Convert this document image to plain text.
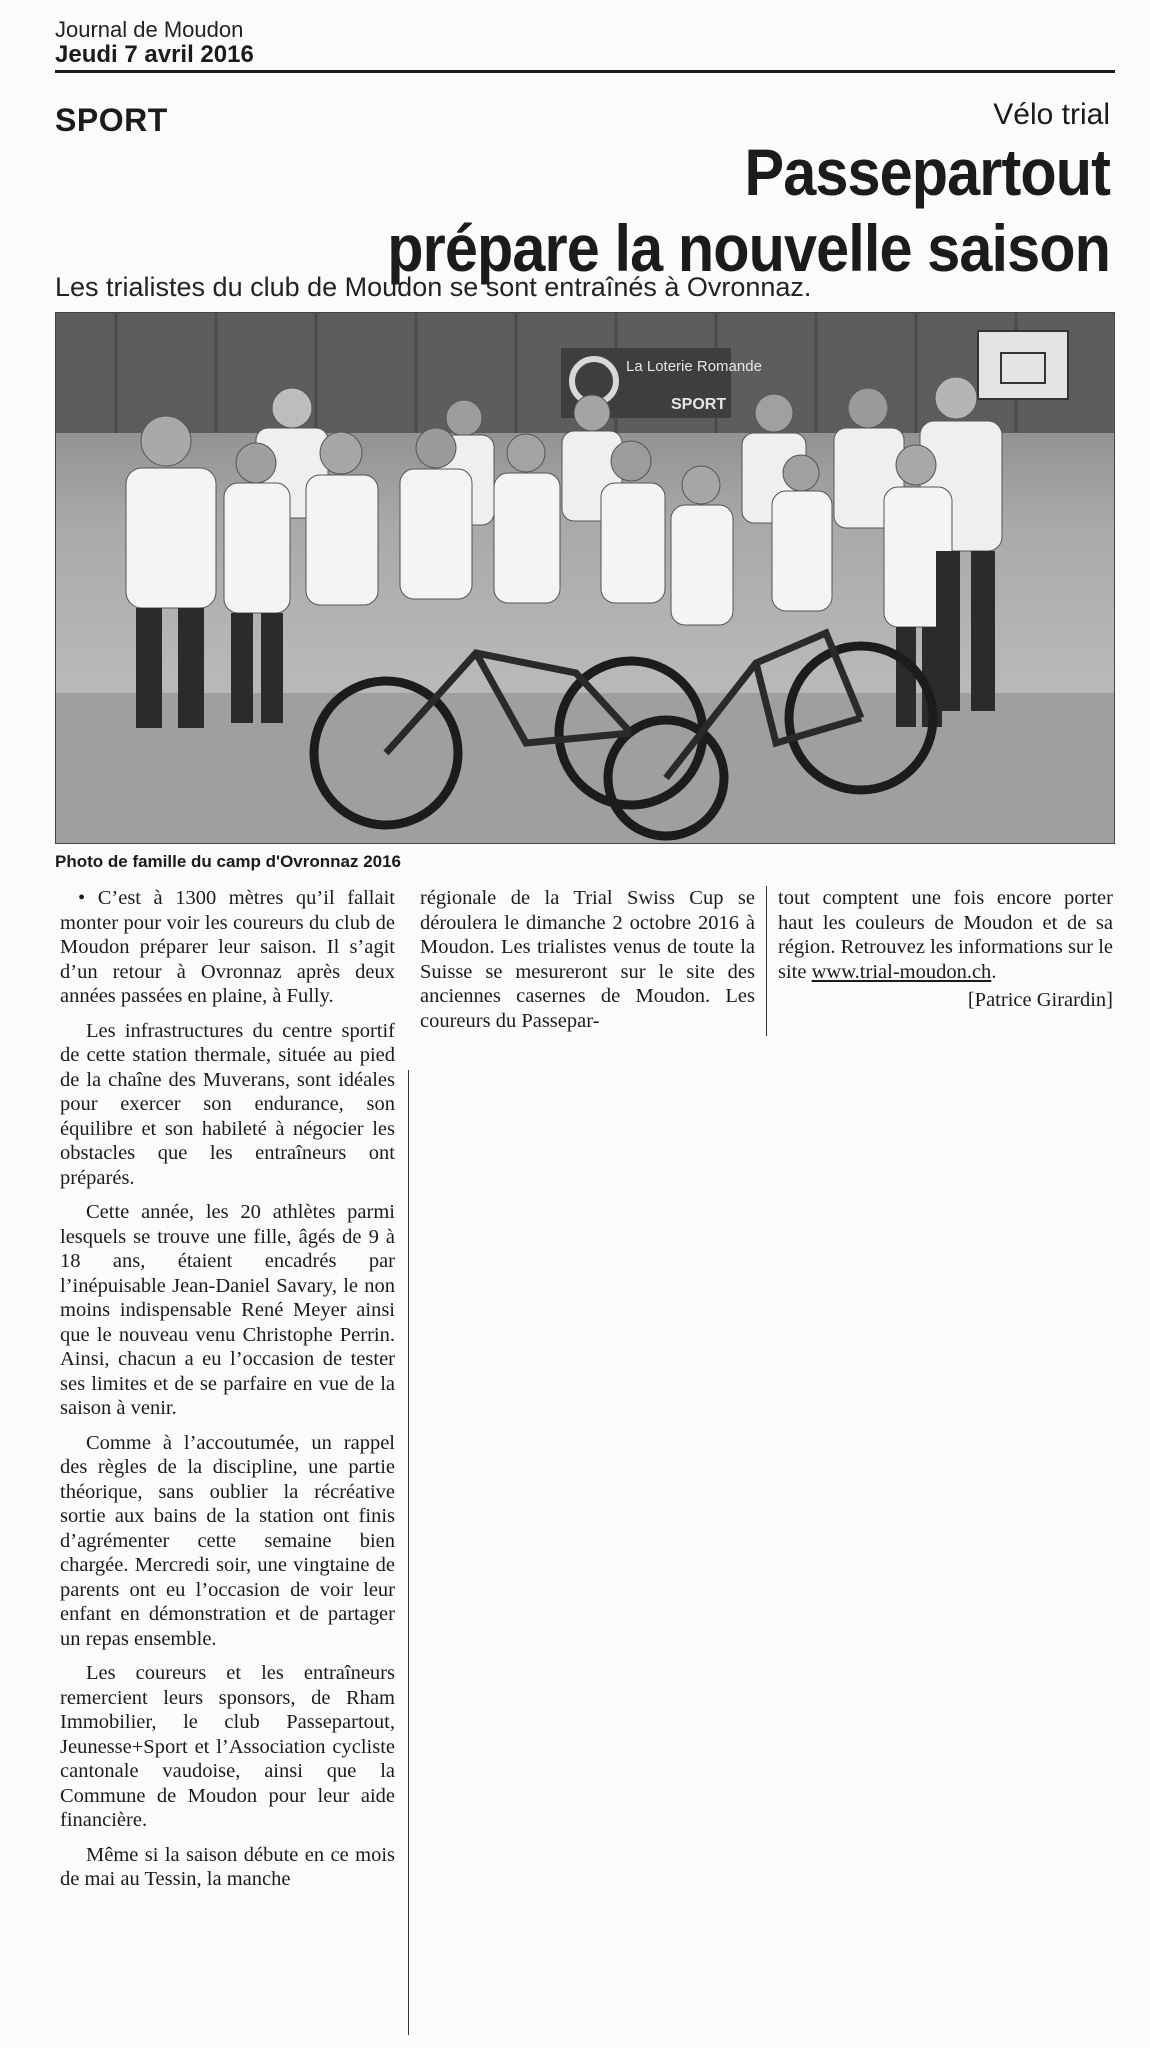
Journal de Moudon
Jeudi 7 avril 2016
SPORT	Vélo trial
Passepartout
prépare la nouvelle saison
Les trialistes du club de Moudon se sont entraînés à Ovronnaz.
La Loterie Romande
SPORT
Photo de famille du camp d'Ovronnaz 2016

• C’est à 1300 mètres qu’il fallait monter pour voir les coureurs du club de Moudon préparer leur saison. Il s’agit d’un retour à Ovronnaz après deux années passées en plaine, à Fully.

Les infrastructures du centre sportif de cette station thermale, située au pied de la chaîne des Muverans, sont idéales pour exercer son endurance, son équilibre et son habileté à négocier les obstacles que les entraîneurs ont préparés.

Cette année, les 20 athlètes parmi lesquels se trouve une fille, âgés de 9 à 18 ans, étaient encadrés par l’inépuisable Jean-Daniel Savary, le non moins indispensable René Meyer ainsi que le nouveau venu Christophe Perrin. Ainsi, chacun a eu l’occasion de tester ses limites et de se parfaire en vue de la saison à venir.

Comme à l’accoutumée, un rappel des règles de la discipline, une partie théorique, sans oublier la récréative sortie aux bains de la station ont finis d’agrémenter cette semaine bien chargée. Mercredi soir, une vingtaine de parents ont eu l’occasion de voir leur enfant en démonstration et de partager un repas ensemble.

Les coureurs et les entraîneurs remercient leurs sponsors, de Rham Immobilier, le club Passepartout, Jeunesse+Sport et l’Association cycliste cantonale vaudoise, ainsi que la Commune de Moudon pour leur aide financière.

Même si la saison débute en ce mois de mai au Tessin, la manche

régionale de la Trial Swiss Cup se déroulera le dimanche 2 octobre 2016 à Moudon. Les trialistes venus de toute la Suisse se mesureront sur le site des anciennes casernes de Moudon. Les coureurs du Passepar-

tout comptent une fois encore porter haut les couleurs de Moudon et de sa région. Retrouvez les informations sur le site www.trial-moudon.ch.

[Patrice Girardin]
